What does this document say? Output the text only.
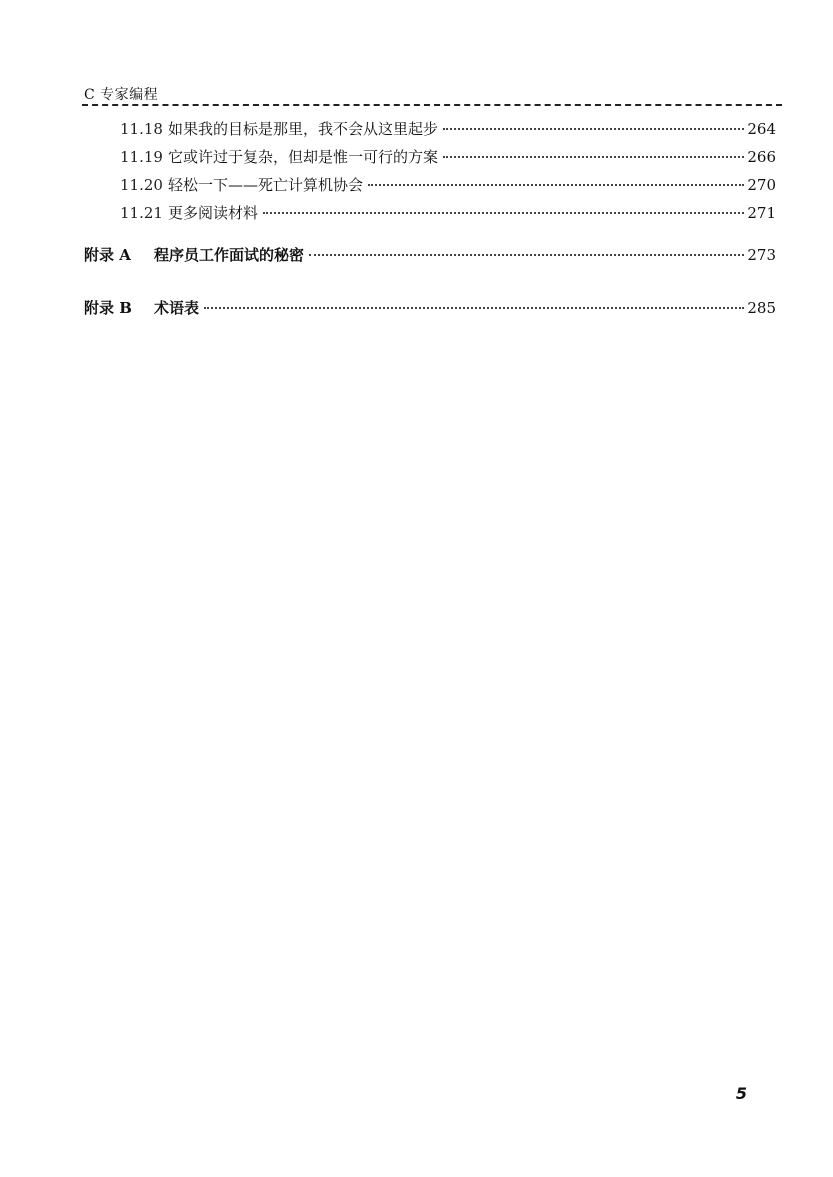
C 专家编程
11.18 如果我的目标是那里，我不会从这里起步	264
11.19 它或许过于复杂，但却是惟一可行的方案	266
11.20 轻松一下——死亡计算机协会	270
11.21 更多阅读材料	271
附录 A	程序员工作面试的秘密	273
附录 B	术语表	285
5
